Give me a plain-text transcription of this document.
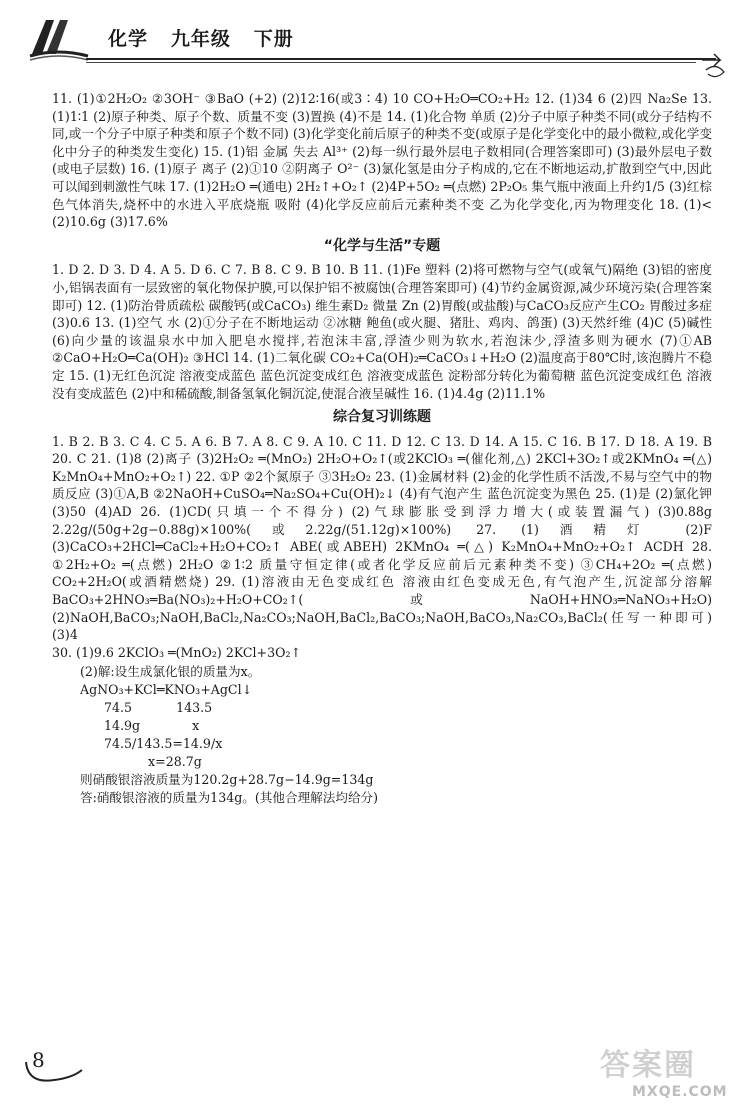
化学   九年级   下册

11. (1)①2H₂O₂ ②3OH⁻ ③BaO (+2) (2)12∶16(或3∶4) 10 CO+H₂O═CO₂+H₂ 12. (1)34 6 (2)四 Na₂Se 13. (1)1∶1 (2)原子种类、原子个数、质量不变 (3)置换 (4)不是 14. (1)化合物 单质 (2)分子中原子种类不同(或分子结构不同,或一个分子中原子种类和原子个数不同) (3)化学变化前后原子的种类不变(或原子是化学变化中的最小微粒,或化学变化中分子的种类发生变化) 15. (1)铝 金属 失去 Al³⁺ (2)每一纵行最外层电子数相同(合理答案即可) (3)最外层电子数(或电子层数) 16. (1)原子 离子 (2)①10 ②阴离子 O²⁻ (3)氯化氢是由分子构成的,它在不断地运动,扩散到空气中,因此可以闻到刺激性气味 17. (1)2H₂O ═(通电) 2H₂↑+O₂↑ (2)4P+5O₂ ═(点燃) 2P₂O₅ 集气瓶中液面上升约1/5 (3)红棕色气体消失,烧杯中的水进入平底烧瓶 吸附 (4)化学反应前后元素种类不变 乙为化学变化,丙为物理变化 18. (1)< (2)10.6g (3)17.6%

“化学与生活”专题

1. D 2. D 3. D 4. A 5. D 6. C 7. B 8. C 9. B 10. B 11. (1)Fe 塑料 (2)将可燃物与空气(或氧气)隔绝 (3)铝的密度小,铝锅表面有一层致密的氧化物保护膜,可以保护铝不被腐蚀(合理答案即可) (4)节约金属资源,减少环境污染(合理答案即可) 12. (1)防治骨质疏松 碳酸钙(或CaCO₃) 维生素D₂ 微量 Zn (2)胃酸(或盐酸)与CaCO₃反应产生CO₂ 胃酸过多症 (3)0.6 13. (1)空气 水 (2)①分子在不断地运动 ②冰糖 鲍鱼(或火腿、猪肚、鸡肉、鸽蛋) (3)天然纤维 (4)C (5)碱性 (6)向少量的该温泉水中加入肥皂水搅拌,若泡沫丰富,浮渣少则为软水,若泡沫少,浮渣多则为硬水 (7)①AB ②CaO+H₂O═Ca(OH)₂ ③HCl 14. (1)二氧化碳 CO₂+Ca(OH)₂═CaCO₃↓+H₂O (2)温度高于80℃时,该泡腾片不稳定 15. (1)无红色沉淀 溶液变成蓝色 蓝色沉淀变成红色 溶液变成蓝色 淀粉部分转化为葡萄糖 蓝色沉淀变成红色 溶液没有变成蓝色 (2)中和稀硫酸,制备氢氧化铜沉淀,使混合液呈碱性 16. (1)4.4g (2)11.1%

综合复习训练题

1. B 2. B 3. C 4. C 5. A 6. B 7. A 8. C 9. A 10. C 11. D 12. C 13. D 14. A 15. C 16. B 17. D 18. A 19. B 20. C 21. (1)8 (2)离子 (3)2H₂O₂ ═(MnO₂) 2H₂O+O₂↑(或2KClO₃ ═(催化剂,△) 2KCl+3O₂↑或2KMnO₄ ═(△) K₂MnO₄+MnO₂+O₂↑) 22. ①P ②2个氮原子 ③3H₂O₂ 23. (1)金属材料 (2)金的化学性质不活泼,不易与空气中的物质反应 (3)①A,B ②2NaOH+CuSO₄═Na₂SO₄+Cu(OH)₂↓ (4)有气泡产生 蓝色沉淀变为黑色 25. (1)是 (2)氯化钾 (3)50 (4)AD 26. (1)CD(只填一个不得分) (2)气球膨胀受到浮力增大(或装置漏气) (3)0.88g 2.22g/(50g+2g−0.88g)×100%(或2.22g/(51.12g)×100%) 27. (1)酒精灯 (2)F (3)CaCO₃+2HCl═CaCl₂+H₂O+CO₂↑ ABE(或ABEH) 2KMnO₄ ═(△) K₂MnO₄+MnO₂+O₂↑ ACDH 28. ①2H₂+O₂ ═(点燃) 2H₂O ②1∶2 质量守恒定律(或者化学反应前后元素种类不变) ③CH₄+2O₂ ═(点燃) CO₂+2H₂O(或酒精燃烧) 29. (1)溶液由无色变成红色 溶液由红色变成无色,有气泡产生,沉淀部分溶解 BaCO₃+2HNO₃═Ba(NO₃)₂+H₂O+CO₂↑(或NaOH+HNO₃═NaNO₃+H₂O) (2)NaOH,BaCO₃;NaOH,BaCl₂,Na₂CO₃;NaOH,BaCl₂,BaCO₃;NaOH,BaCO₃,Na₂CO₃,BaCl₂(任写一种即可) (3)4

30. (1)9.6 2KClO₃ ═(MnO₂) 2KCl+3O₂↑

(2)解:设生成氯化银的质量为x。
AgNO₃+KCl═KNO₃+AgCl↓
74.5           143.5
14.9g             x
74.5/143.5=14.9/x
x=28.7g
则硝酸银溶液质量为120.2g+28.7g−14.9g=134g
答:硝酸银溶液的质量为134g。(其他合理解法均给分)
8	答案圈
MXQE.COM
